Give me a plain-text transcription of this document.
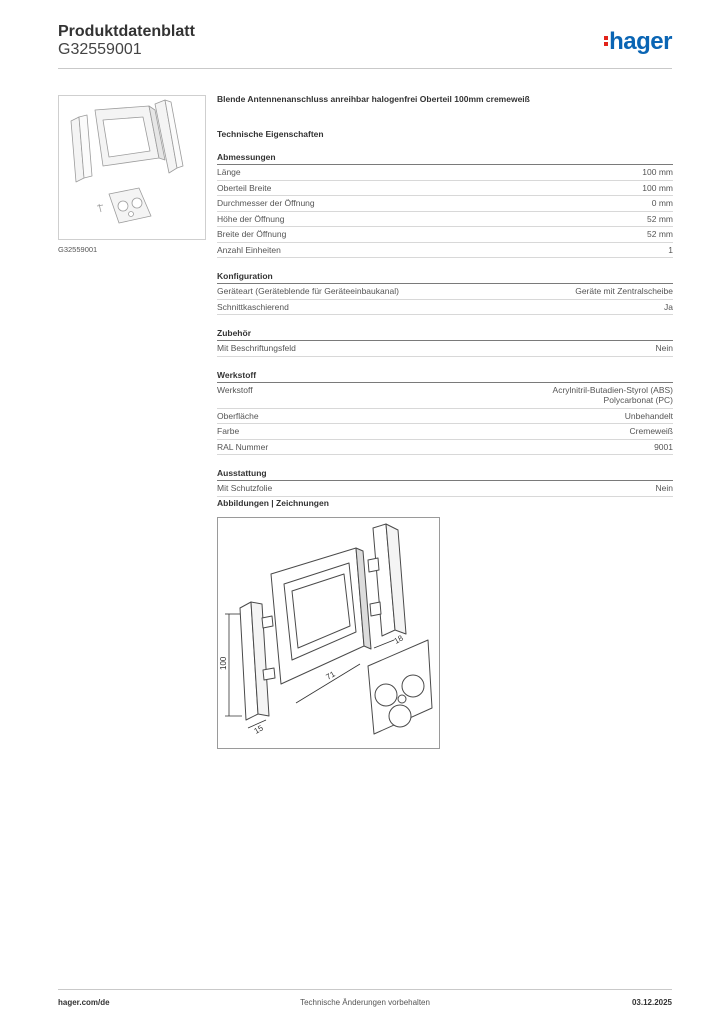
Produktdatenblatt
G32559001	hager
G32559001
Blende Antennenanschluss anreihbar halogenfrei Oberteil 100mm cremeweiß
Technische Eigenschaften
Abmessungen
Länge	100 mm
Oberteil Breite	100 mm
Durchmesser der Öffnung	0 mm
Höhe der Öffnung	52 mm
Breite der Öffnung	52 mm
Anzahl Einheiten	1
Konfiguration
Geräteart (Geräteblende für Geräteeinbaukanal)	Geräte mit Zentralscheibe
Schnittkaschierend	Ja
Zubehör
Mit Beschriftungsfeld	Nein
Werkstoff
Werkstoff	Acrylnitril-Butadien-Styrol (ABS)
Polycarbonat (PC)
Oberfläche	Unbehandelt
Farbe	Cremeweiß
RAL Nummer	9001
Ausstattung
Mit Schutzfolie	Nein
Abbildungen | Zeichnungen
100
71
15
18
hager.com/de	Technische Änderungen vorbehalten	03.12.2025
